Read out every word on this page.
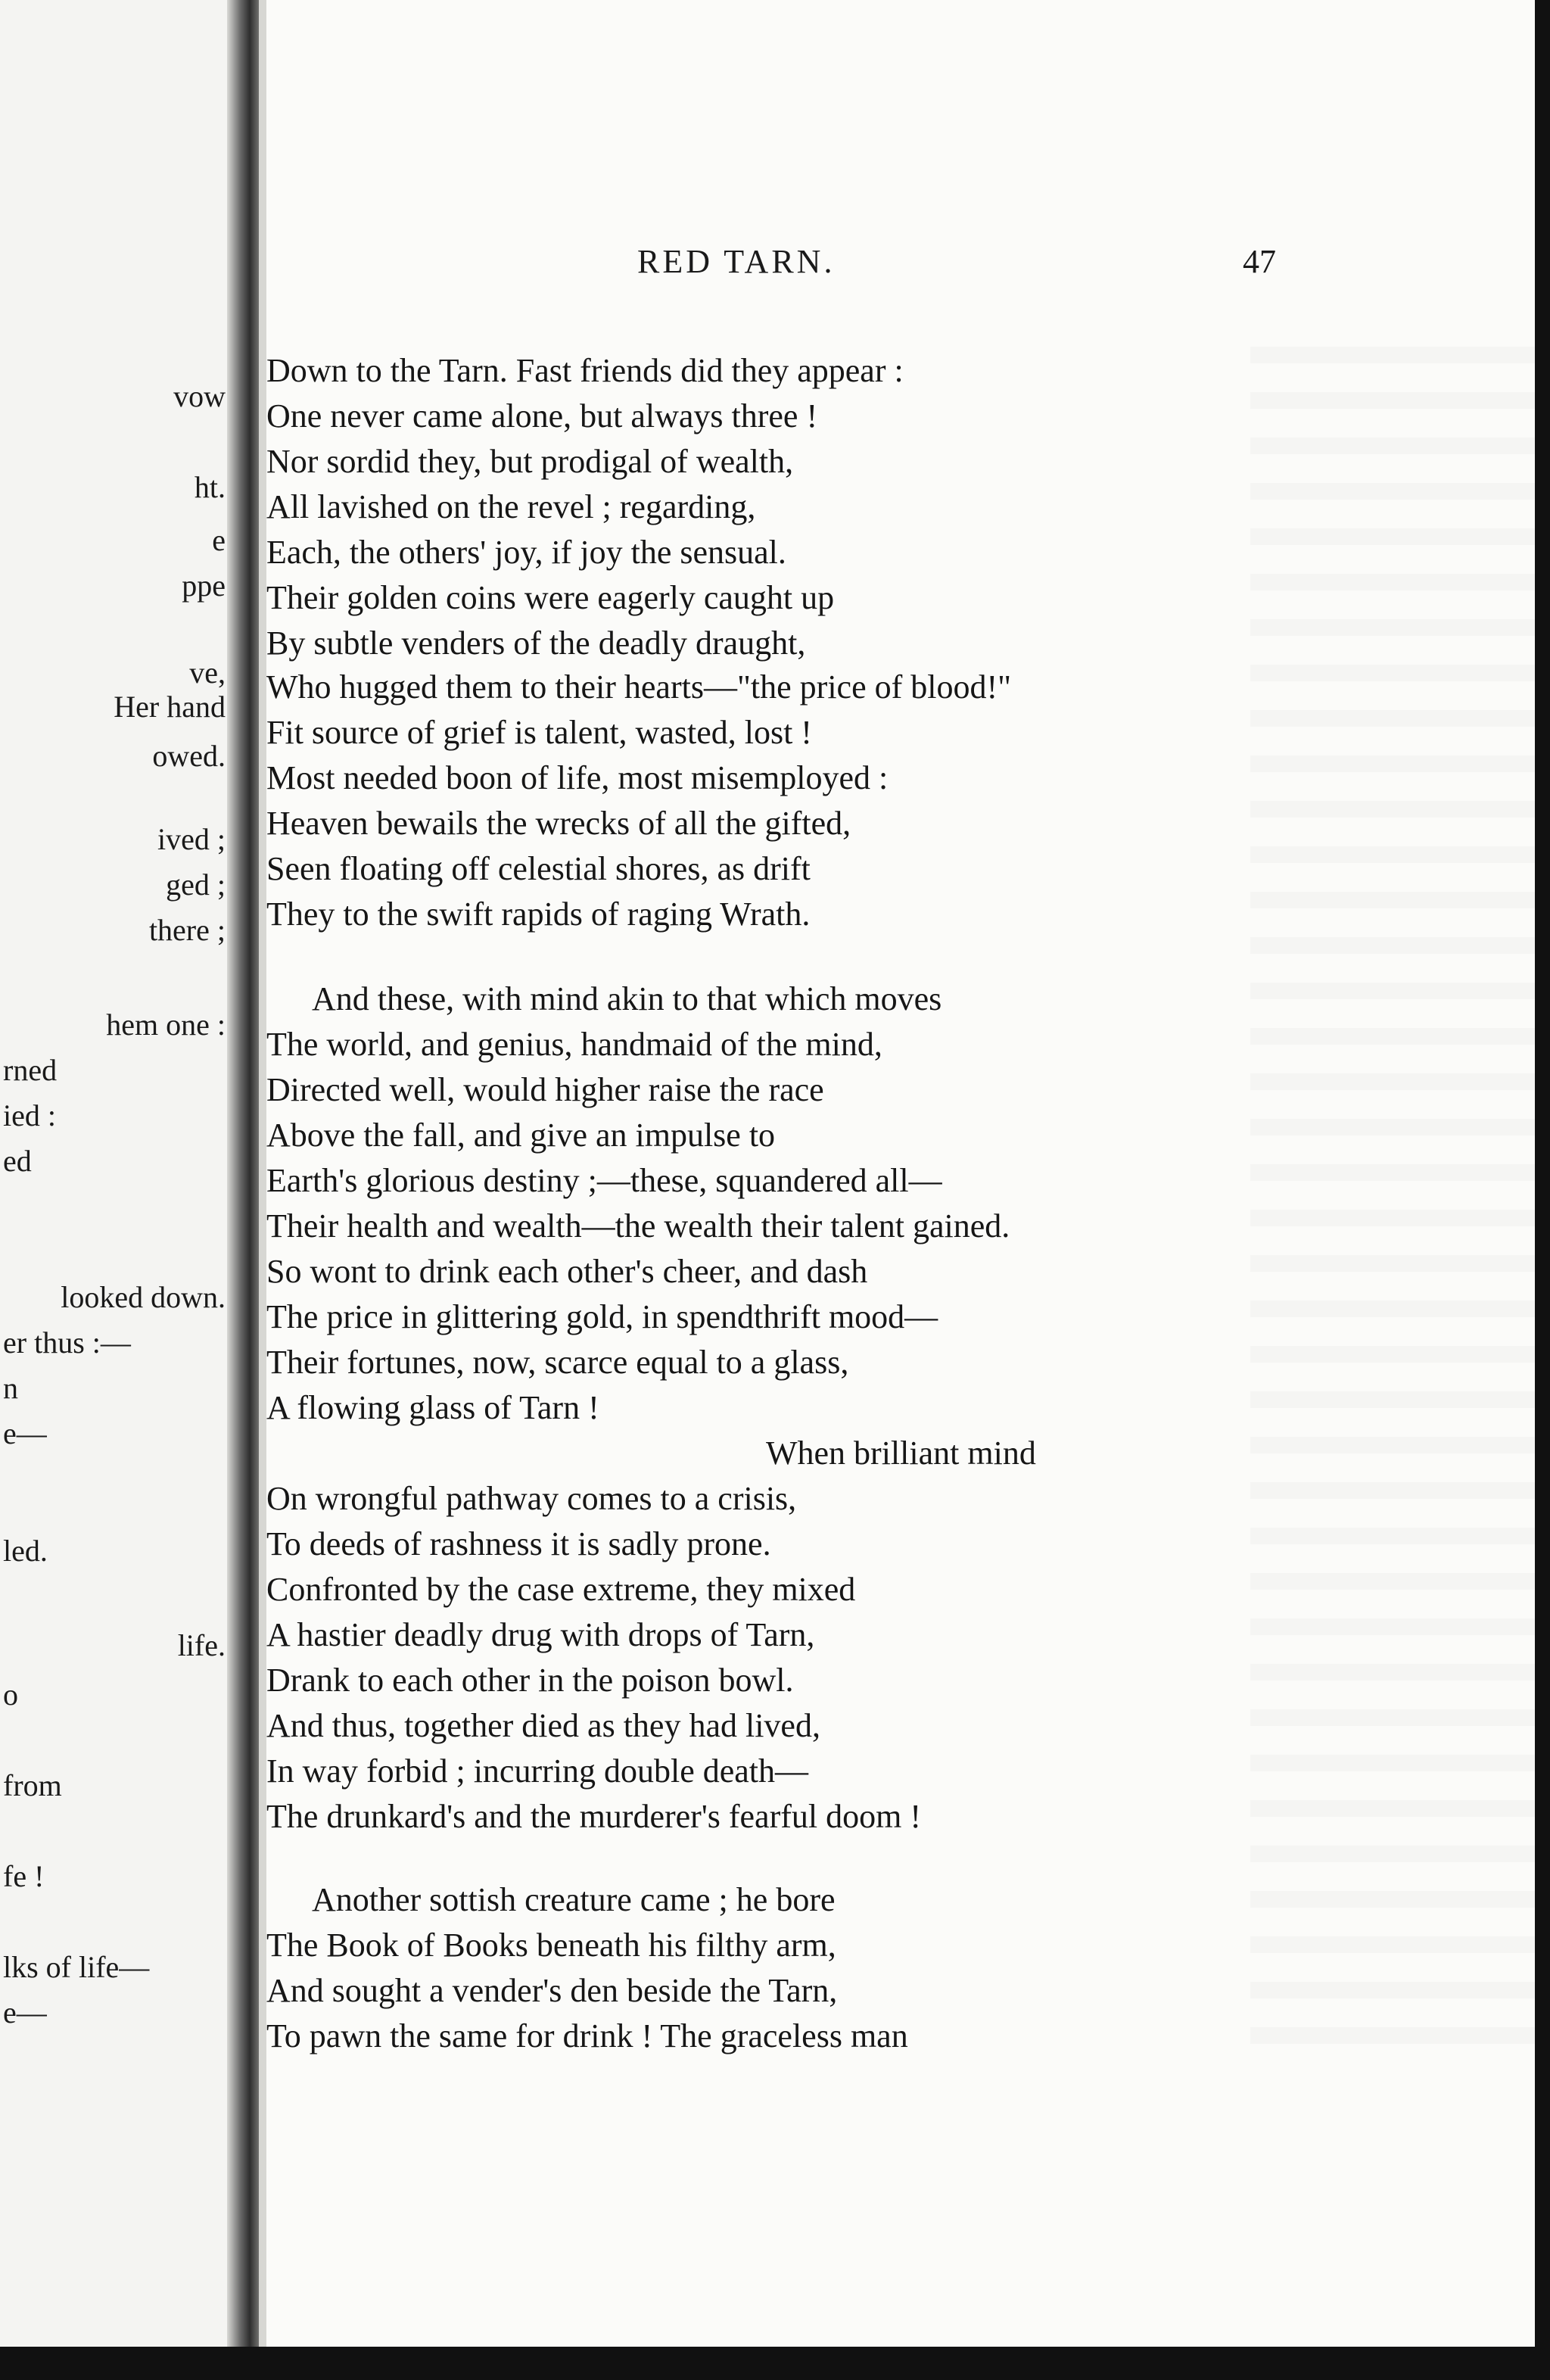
vow
ht.
e
ppe
ve,
Her hand
owed.
ived ;
ged ;
there ;
hem one :
rned
ied :
ed
looked down.
er thus :—
n
e—
led.
life.
o
from
fe !
lks of life—
e—
RED TARN.	47
Down to the Tarn. Fast friends did they appear :
One never came alone, but always three !
Nor sordid they, but prodigal of wealth,
All lavished on the revel ; regarding,
Each, the others' joy, if joy the sensual.
Their golden coins were eagerly caught up
By subtle venders of the deadly draught,
Who hugged them to their hearts—"the price of blood!"
Fit source of grief is talent, wasted, lost !
Most needed boon of life, most misemployed :
Heaven bewails the wrecks of all the gifted,
Seen floating off celestial shores, as drift
They to the swift rapids of raging Wrath.
And these, with mind akin to that which moves
The world, and genius, handmaid of the mind,
Directed well, would higher raise the race
Above the fall, and give an impulse to
Earth's glorious destiny ;—these, squandered all—
Their health and wealth—the wealth their talent gained.
So wont to drink each other's cheer, and dash
The price in glittering gold, in spendthrift mood—
Their fortunes, now, scarce equal to a glass,
A flowing glass of Tarn !
When brilliant mind
On wrongful pathway comes to a crisis,
To deeds of rashness it is sadly prone.
Confronted by the case extreme, they mixed
A hastier deadly drug with drops of Tarn,
Drank to each other in the poison bowl.
And thus, together died as they had lived,
In way forbid ; incurring double death—
The drunkard's and the murderer's fearful doom !
Another sottish creature came ; he bore
The Book of Books beneath his filthy arm,
And sought a vender's den beside the Tarn,
To pawn the same for drink ! The graceless man
